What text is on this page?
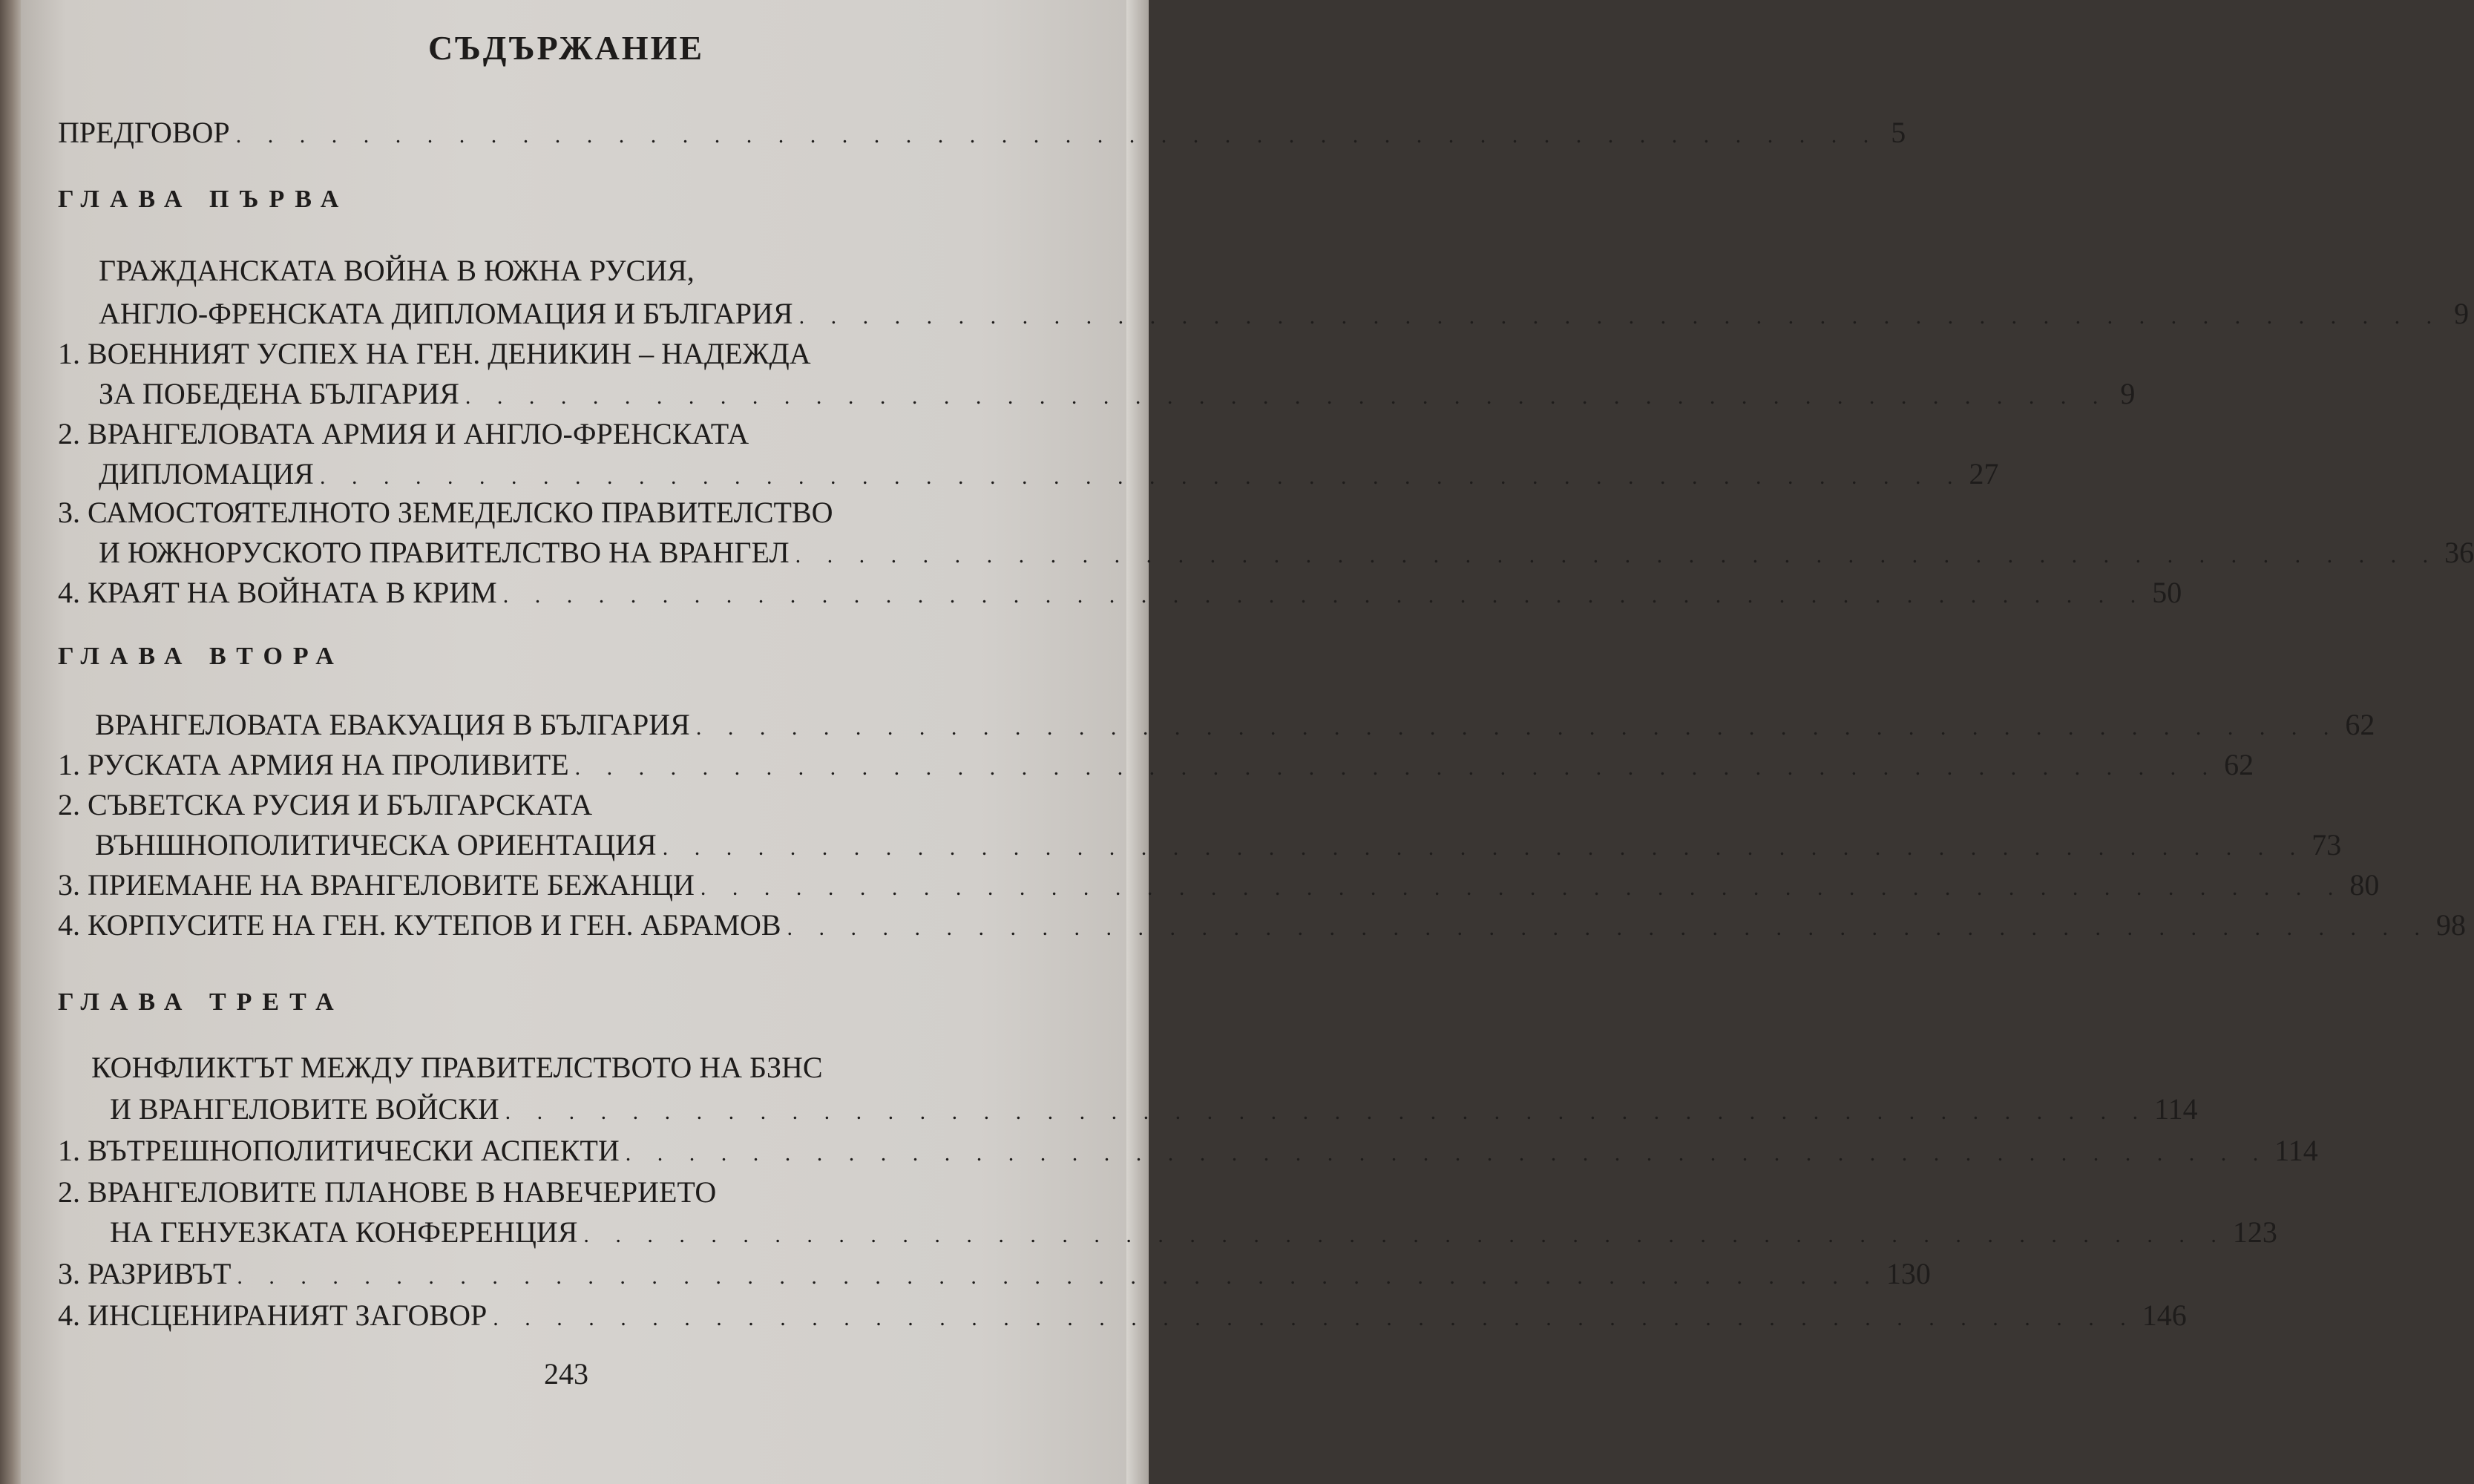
СЪДЪРЖАНИЕ
ПРЕДГОВОР . . . . . . . . . . . . . . . . . . . . . . . . . . . . . . . . . . . . . . . . . . . . . . . . . . . . 5
ГЛАВА ПЪРВА
ГРАЖДАНСКАТА ВОЙНА В ЮЖНА РУСИЯ,
АНГЛО-ФРЕНСКАТА ДИПЛОМАЦИЯ И БЪЛГАРИЯ . . . . . . . . . . . . . . . . . . . . . . . . . . . . . . . . . . . . . . . . . . . . . . . . . . . . 9
1. ВОЕННИЯТ УСПЕХ НА ГЕН. ДЕНИКИН – НАДЕЖДА
ЗА ПОБЕДЕНА БЪЛГАРИЯ . . . . . . . . . . . . . . . . . . . . . . . . . . . . . . . . . . . . . . . . . . . . . . . . . . . . 9
2. ВРАНГЕЛОВАТА АРМИЯ И АНГЛО-ФРЕНСКАТА
ДИПЛОМАЦИЯ . . . . . . . . . . . . . . . . . . . . . . . . . . . . . . . . . . . . . . . . . . . . . . . . . . . . 27
3. САМОСТОЯТЕЛНОТО ЗЕМЕДЕЛСКО ПРАВИТЕЛСТВО
И ЮЖНОРУСКОТО ПРАВИТЕЛСТВО НА ВРАНГЕЛ . . . . . . . . . . . . . . . . . . . . . . . . . . . . . . . . . . . . . . . . . . . . . . . . . . . . 36
4. КРАЯТ НА ВОЙНАТА В КРИМ . . . . . . . . . . . . . . . . . . . . . . . . . . . . . . . . . . . . . . . . . . . . . . . . . . . . 50
ГЛАВА ВТОРА
ВРАНГЕЛОВАТА ЕВАКУАЦИЯ В БЪЛГАРИЯ . . . . . . . . . . . . . . . . . . . . . . . . . . . . . . . . . . . . . . . . . . . . . . . . . . . . 62
1. РУСКАТА АРМИЯ НА ПРОЛИВИТЕ . . . . . . . . . . . . . . . . . . . . . . . . . . . . . . . . . . . . . . . . . . . . . . . . . . . . 62
2. СЪВЕТСКА РУСИЯ И БЪЛГАРСКАТА
ВЪНШНОПОЛИТИЧЕСКА ОРИЕНТАЦИЯ . . . . . . . . . . . . . . . . . . . . . . . . . . . . . . . . . . . . . . . . . . . . . . . . . . . . 73
3. ПРИЕМАНЕ НА ВРАНГЕЛОВИТЕ БЕЖАНЦИ . . . . . . . . . . . . . . . . . . . . . . . . . . . . . . . . . . . . . . . . . . . . . . . . . . . . 80
4. КОРПУСИТЕ НА ГЕН. КУТЕПОВ И ГЕН. АБРАМОВ . . . . . . . . . . . . . . . . . . . . . . . . . . . . . . . . . . . . . . . . . . . . . . . . . . . . 98
ГЛАВА ТРЕТА
КОНФЛИКТЪТ МЕЖДУ ПРАВИТЕЛСТВОТО НА БЗНС
И ВРАНГЕЛОВИТЕ ВОЙСКИ . . . . . . . . . . . . . . . . . . . . . . . . . . . . . . . . . . . . . . . . . . . . . . . . . . . . 114
1. ВЪТРЕШНОПОЛИТИЧЕСКИ АСПЕКТИ . . . . . . . . . . . . . . . . . . . . . . . . . . . . . . . . . . . . . . . . . . . . . . . . . . . . 114
2. ВРАНГЕЛОВИТЕ ПЛАНОВЕ В НАВЕЧЕРИЕТО
НА ГЕНУЕЗКАТА КОНФЕРЕНЦИЯ . . . . . . . . . . . . . . . . . . . . . . . . . . . . . . . . . . . . . . . . . . . . . . . . . . . . 123
3. РАЗРИВЪТ . . . . . . . . . . . . . . . . . . . . . . . . . . . . . . . . . . . . . . . . . . . . . . . . . . . . 130
4. ИНСЦЕНИРАНИЯТ ЗАГОВОР . . . . . . . . . . . . . . . . . . . . . . . . . . . . . . . . . . . . . . . . . . . . . . . . . . . . 146
243
